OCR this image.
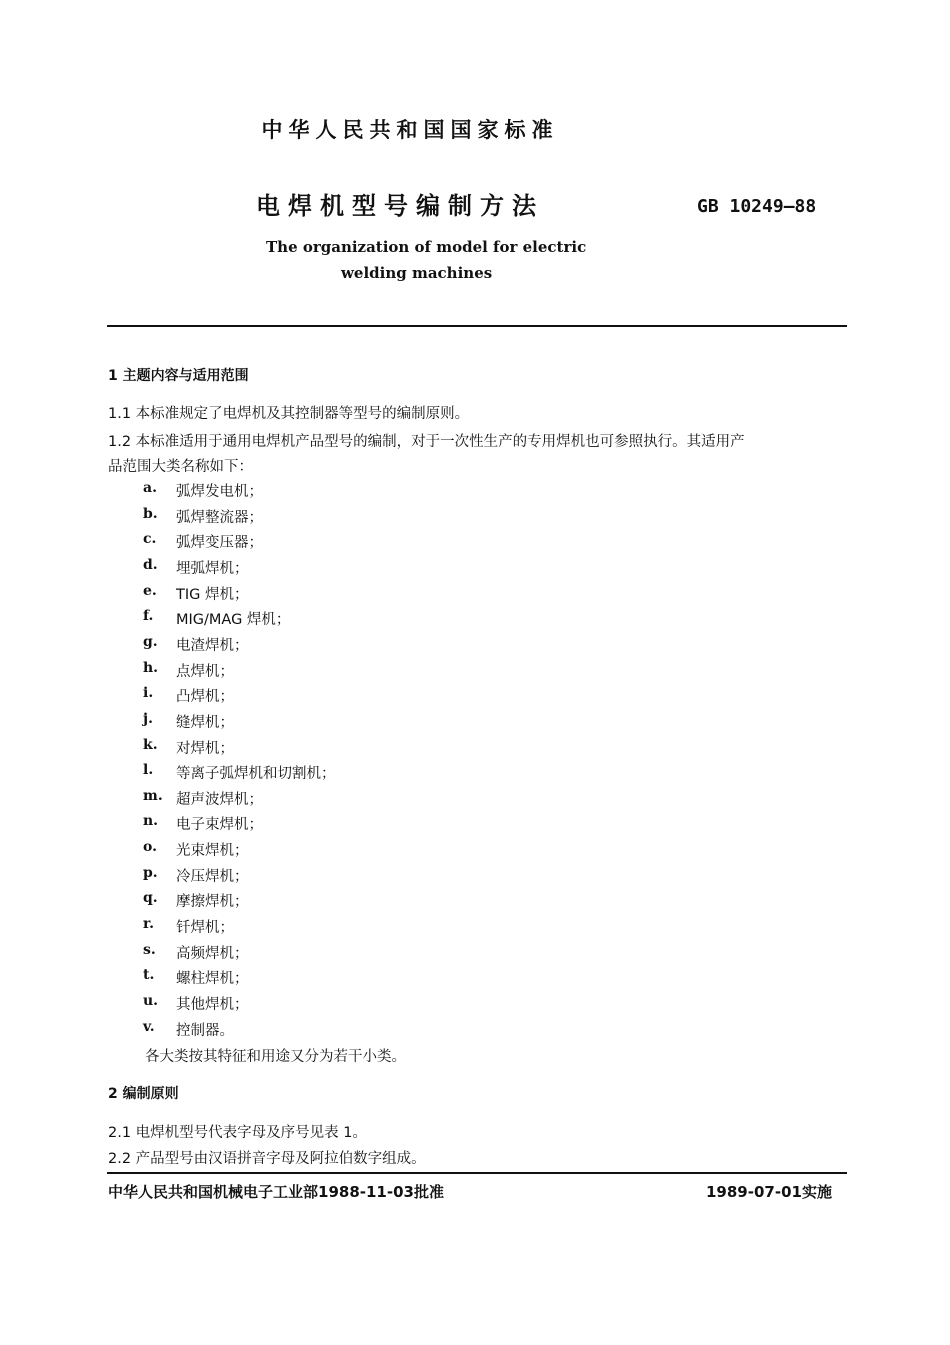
中华人民共和国国家标准
电焊机型号编制方法	GB 10249—88
The organization of model for electric
welding machines
1 主题内容与适用范围
1.1 本标准规定了电焊机及其控制器等型号的编制原则。
1.2 本标准适用于通用电焊机产品型号的编制，对于一次性生产的专用焊机也可参照执行。其适用产
品范围大类名称如下：
a. 弧焊发电机；
b. 弧焊整流器；
c. 弧焊变压器；
d. 埋弧焊机；
e. TIG 焊机；
f. MIG/MAG 焊机；
g. 电渣焊机；
h. 点焊机；
i. 凸焊机；
j. 缝焊机；
k. 对焊机；
l. 等离子弧焊机和切割机；
m. 超声波焊机；
n. 电子束焊机；
o. 光束焊机；
p. 冷压焊机；
q. 摩擦焊机；
r. 钎焊机；
s. 高频焊机；
t. 螺柱焊机；
u. 其他焊机；
v. 控制器。
各大类按其特征和用途又分为若干小类。
2 编制原则
2.1 电焊机型号代表字母及序号见表 1。
2.2 产品型号由汉语拼音字母及阿拉伯数字组成。
中华人民共和国机械电子工业部1988-11-03批准	1989-07-01实施
